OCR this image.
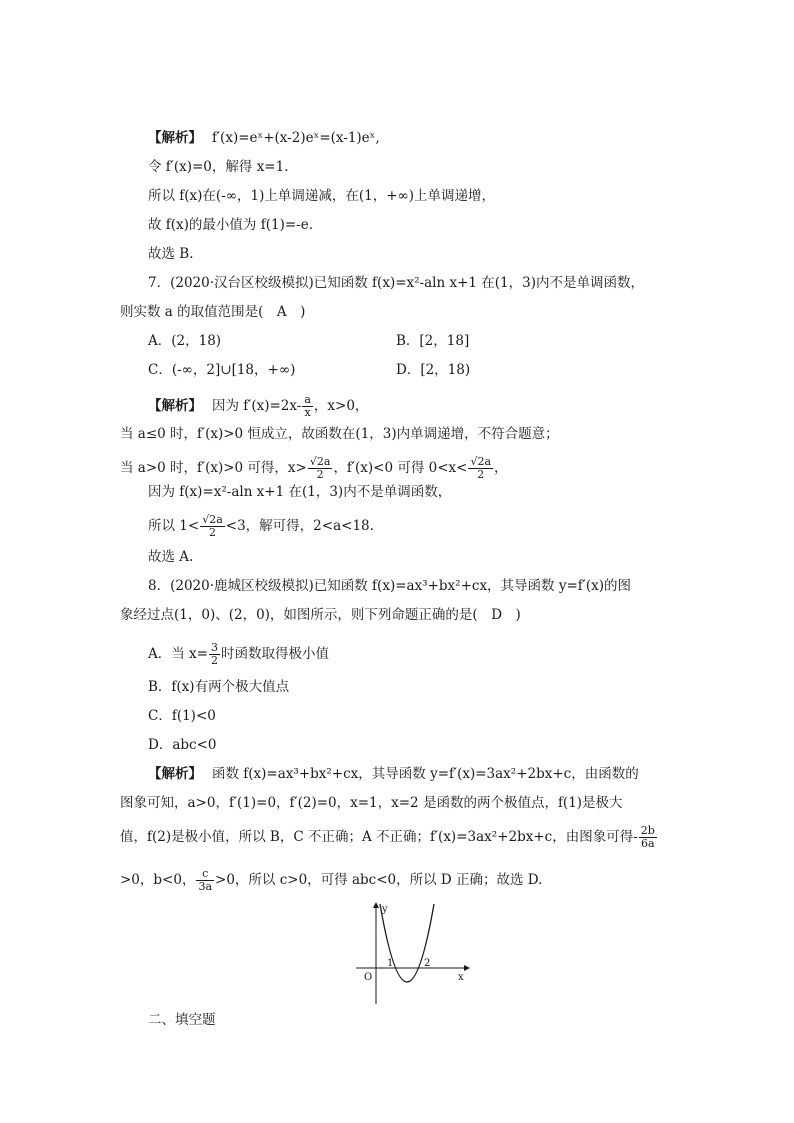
【解析】 f′(x)=eˣ+(x-2)eˣ=(x-1)eˣ,
令 f′(x)=0，解得 x=1.
所以 f(x)在(-∞，1)上单调递减，在(1，+∞)上单调递增，
故 f(x)的最小值为 f(1)=-e.
故选 B.
7．(2020·汉台区校级模拟)已知函数 f(x)=x²-aln x+1 在(1，3)内不是单调函数，
则实数 a 的取值范围是(　A　)
A．(2，18)	B．[2，18]
C．(-∞，2]∪[18，+∞)	D．[2，18)
【解析】 因为 $f'(x)=2x- \frac{a}{x}$ ，x>0，
当 a≤0 时，f′(x)>0 恒成立，故函数在(1，3)内单调递增，不符合题意；
当 a>0 时，f′(x)>0 可得，$x> \frac{√2a}{2}$ ，f′(x)<0 可得 $0<x< \frac{√2a}{2}$ ，
因为 f(x)=x²-aln x+1 在(1，3)内不是单调函数，
所以 $1< \frac{√2a}{2} <3$，解可得，2<a<18.
故选 A.
8．(2020·鹿城区校级模拟)已知函数 f(x)=ax³+bx²+cx，其导函数 y=f′(x)的图
象经过点(1，0)、(2，0)，如图所示，则下列命题正确的是(　D　)
A．当 $x= \frac{3}{2}$ 时函数取得极小值
B．f(x)有两个极大值点
C．f(1)<0
D．abc<0
【解析】 函数 f(x)=ax³+bx²+cx，其导函数 y=f′(x)=3ax²+2bx+c，由函数的
图象可知，a>0，f′(1)=0，f′(2)=0，x=1，x=2 是函数的两个极值点，f(1)是极大
值，f(2)是极小值，所以 B，C 不正确；A 不正确；f′(x)=3ax²+2bx+c，由图象可得- $\frac{2b}{6a}$
>0，b<0， $\frac{c}{3a} >0$，所以 c>0，可得 abc<0，所以 D 正确；故选 D.
y
x
O
1	2
二、填空题
